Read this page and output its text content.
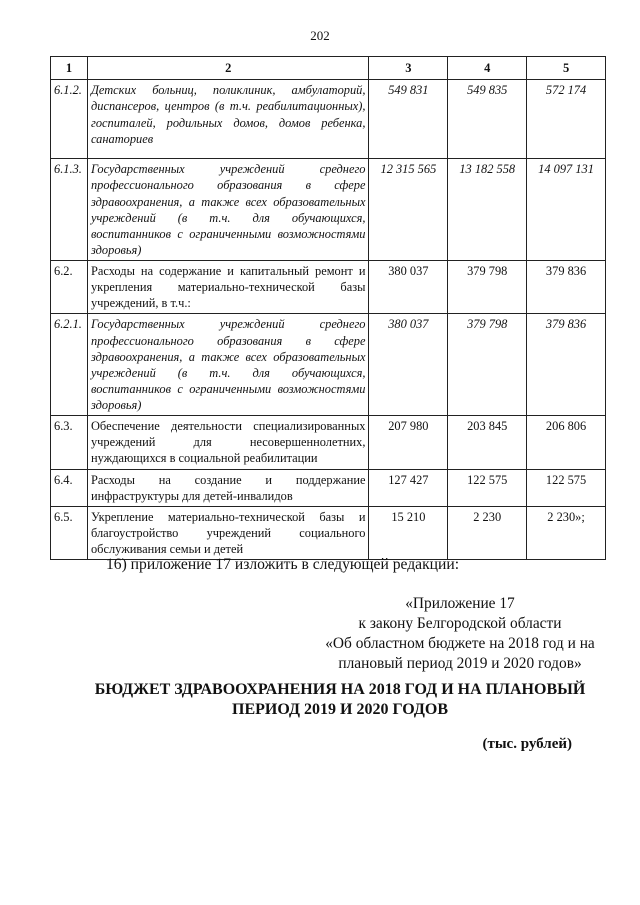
202
1	2	3	4	5
6.1.2.	Детских больниц, поликлиник, амбулаторий, диспансеров, центров (в т.ч. реабилитационных), госпиталей, родильных домов, домов ребенка, санаториев	549 831	549 835	572 174
6.1.3.	Государственных учреждений среднего профессионального образования в сфере здравоохранения, а также всех образовательных учреждений (в т.ч. для обучающихся, воспитанников с ограниченными возможностями здоровья)	12 315 565	13 182 558	14 097 131
6.2.	Расходы на содержание и капитальный ремонт и укрепления материально-технической базы учреждений, в т.ч.:	380 037	379 798	379 836
6.2.1.	Государственных учреждений среднего профессионального образования в сфере здравоохранения, а также всех образовательных учреждений (в т.ч. для обучающихся, воспитанников с ограниченными возможностями здоровья)	380 037	379 798	379 836
6.3.	Обеспечение деятельности специализированных учреждений для несовершеннолетних, нуждающихся в социальной реабилитации	207 980	203 845	206 806
6.4.	Расходы на создание и поддержание инфраструктуры для детей-инвалидов	127 427	122 575	122 575
6.5.	Укрепление материально-технической базы и благоустройство учреждений социального обслуживания семьи и детей	15 210	2 230	2 230»;
16) приложение 17 изложить в следующей редакции:
«Приложение 17
к закону Белгородской области
«Об областном бюджете на 2018 год и на
плановый период 2019 и 2020 годов»
БЮДЖЕТ ЗДРАВООХРАНЕНИЯ НА 2018 ГОД И НА ПЛАНОВЫЙ
ПЕРИОД 2019 И 2020 ГОДОВ
(тыс. рублей)
